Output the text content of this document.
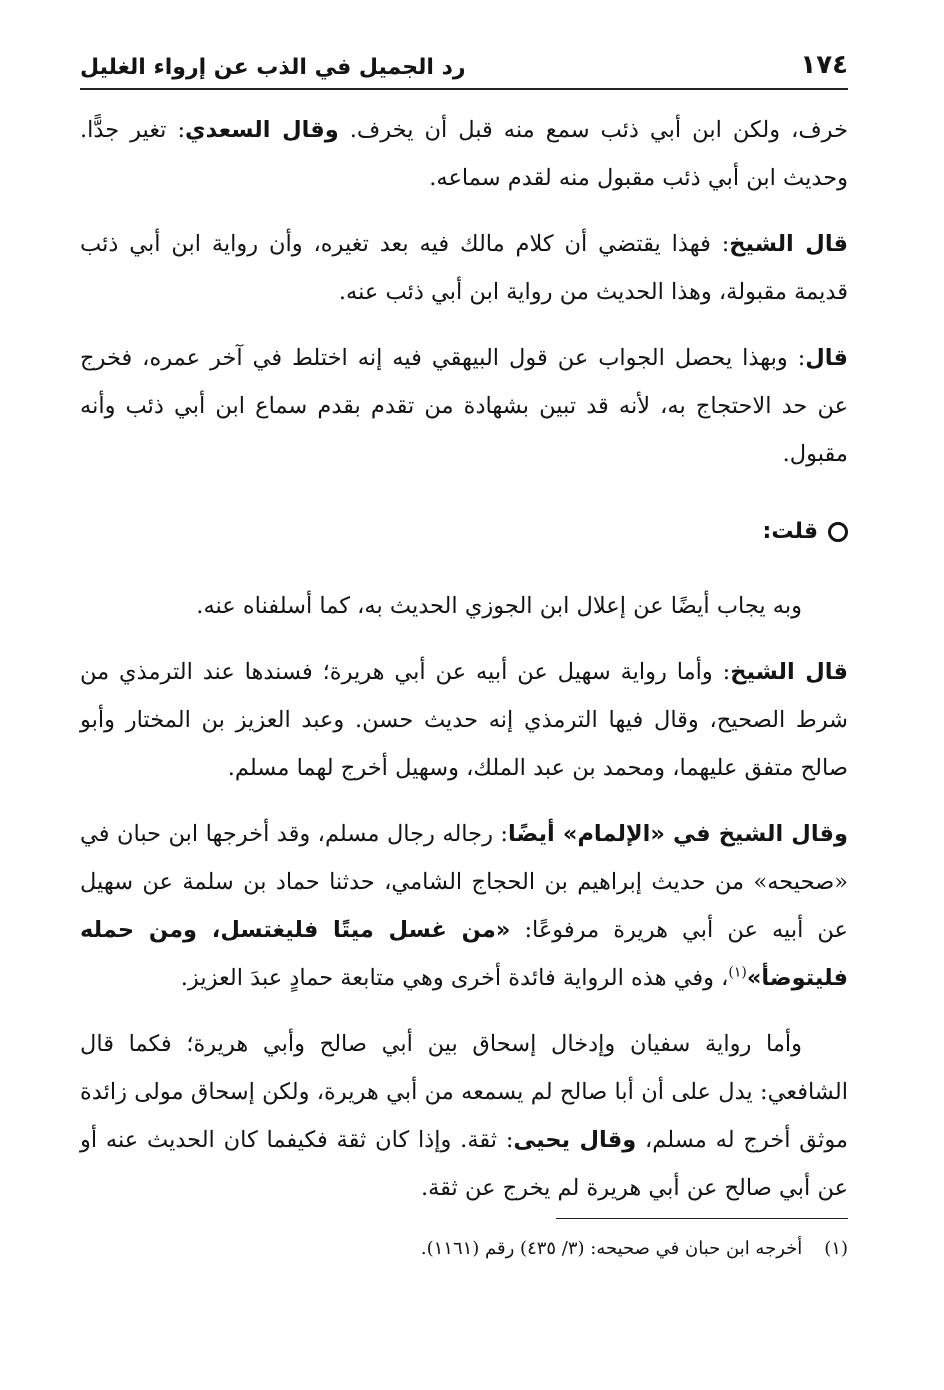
١٧٤
رد الجميل في الذب عن إرواء الغليل

خرف، ولكن ابن أبي ذئب سمع منه قبل أن يخرف. وقال السعدي: تغير جدًّا. وحديث ابن أبي ذئب مقبول منه لقدم سماعه.

قال الشيخ: فهذا يقتضي أن كلام مالك فيه بعد تغيره، وأن رواية ابن أبي ذئب قديمة مقبولة، وهذا الحديث من رواية ابن أبي ذئب عنه.

قال: وبهذا يحصل الجواب عن قول البيهقي فيه إنه اختلط في آخر عمره، فخرج عن حد الاحتجاج به، لأنه قد تبين بشهادة من تقدم بقدم سماع ابن أبي ذئب وأنه مقبول.

قلت:

وبه يجاب أيضًا عن إعلال ابن الجوزي الحديث به، كما أسلفناه عنه.

قال الشيخ: وأما رواية سهيل عن أبيه عن أبي هريرة؛ فسندها عند الترمذي من شرط الصحيح، وقال فيها الترمذي إنه حديث حسن. وعبد العزيز بن المختار وأبو صالح متفق عليهما، ومحمد بن عبد الملك، وسهيل أخرج لهما مسلم.

وقال الشيخ في «الإلمام» أيضًا: رجاله رجال مسلم، وقد أخرجها ابن حبان في «صحيحه» من حديث إبراهيم بن الحجاج الشامي، حدثنا حماد بن سلمة عن سهيل عن أبيه عن أبي هريرة مرفوعًا: «من غسل ميتًا فليغتسل، ومن حمله فليتوضأ»$^{(١)}$، وفي هذه الرواية فائدة أخرى وهي متابعة حمادٍ عبدَ العزيز.

وأما رواية سفيان وإدخال إسحاق بين أبي صالح وأبي هريرة؛ فكما قال الشافعي: يدل على أن أبا صالح لم يسمعه من أبي هريرة، ولكن إسحاق مولى زائدة موثق أخرج له مسلم، وقال يحيى: ثقة. وإذا كان ثقة فكيفما كان الحديث عنه أو عن أبي صالح عن أبي هريرة لم يخرج عن ثقة.

(١)أخرجه ابن حبان في صحيحه: (٣/ ٤٣٥) رقم (١١٦١).
